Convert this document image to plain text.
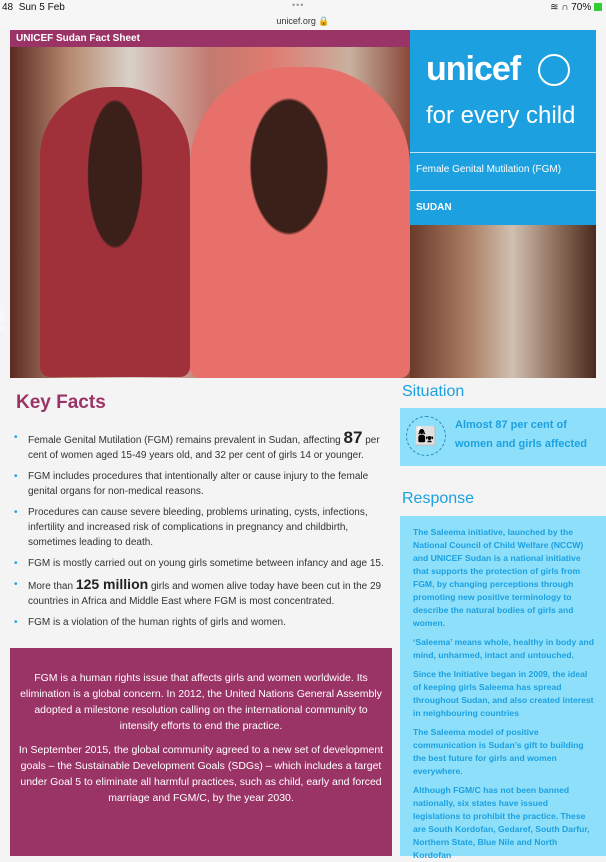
48 Sun 5 Feb	•••
unicef.org 🔒
≋ ∩ 70%
UNICEF Sudan Fact Sheet
© UNICEF
unicef
for every child
Female Genital Mutilation (FGM)
SUDAN
Key Facts
• Female Genital Mutilation (FGM) remains prevalent in Sudan, affecting 87 per cent of women aged 15-49 years old, and 32 per cent of girls 14 or younger.
• FGM includes procedures that intentionally alter or cause injury to the female genital organs for non-medical reasons.
• Procedures can cause severe bleeding, problems urinating, cysts, infections, infertility and increased risk of complications in pregnancy and childbirth, sometimes leading to death.
• FGM is mostly carried out on young girls sometime between infancy and age 15.
• More than 125 million girls and women alive today have been cut in the 29 countries in Africa and Middle East where FGM is most concentrated.
• FGM is a violation of the human rights of girls and women.

FGM is a human rights issue that affects girls and women worldwide. Its elimination is a global concern. In 2012, the United Nations General Assembly adopted a milestone resolution calling on the international community to intensify efforts to end the practice.

In September 2015, the global community agreed to a new set of development goals – the Sustainable Development Goals (SDGs) – which includes a target under Goal 5 to eliminate all harmful practices, such as child, early and forced marriage and FGM/C, by the year 2030.

Situation
👩‍👧
Almost 87 per cent of
women and girls affected
Response

The Saleema initiative, launched by the National Council of Child Welfare (NCCW) and UNICEF Sudan is a national initiative that supports the protection of girls from FGM, by changing perceptions through promoting new positive terminology to describe the natural bodies of girls and women.

‘Saleema’ means whole, healthy in body and mind, unharmed, intact and untouched.

Since the Initiative began in 2009, the ideal of keeping girls Saleema has spread throughout Sudan, and also created interest in neighbouring countries

The Saleema model of positive communication is Sudan’s gift to building the best future for girls and women everywhere.

Although FGM/C has not been banned nationally, six states have issued legislations to prohibit the practice. These are South Kordofan, Gedaref, South Darfur, Northern State, Blue Nile and North Kordofan
